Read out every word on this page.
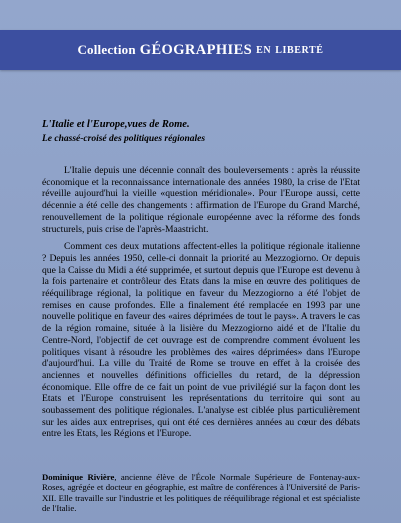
Collection GÉOGRAPHIES EN LIBERTÉ
L'Italie et l'Europe,vues de Rome.
Le chassé-croisé des politiques régionales

L'Italie depuis une décennie connaît des bouleversements : après la réussite économique et la reconnaissance internationale des années 1980, la crise de l'Etat réveille aujourd'hui la vieille «question méridionale». Pour l'Europe aussi, cette décennie a été celle des changements : affirmation de l'Europe du Grand Marché, renouvellement de la politique régionale européenne avec la réforme des fonds structurels, puis crise de l'après-Maastricht.

Comment ces deux mutations affectent-elles la politique régionale italienne ? Depuis les années 1950, celle-ci donnait la priorité au Mezzogiorno. Or depuis que la Caisse du Midi a été supprimée, et surtout depuis que l'Europe est devenu à la fois partenaire et contrôleur des Etats dans la mise en œuvre des politiques de rééquilibrage régional, la politique en faveur du Mezzogiorno a été l'objet de remises en cause profondes. Elle a finalement été remplacée en 1993 par une nouvelle politique en faveur des «aires déprimées de tout le pays». A travers le cas de la région romaine, située à la lisière du Mezzogiorno aidé et de l'Italie du Centre-Nord, l'objectif de cet ouvrage est de comprendre comment évoluent les politiques visant à résoudre les problèmes des «aires déprimées» dans l'Europe d'aujourd'hui. La ville du Traité de Rome se trouve en effet à la croisée des anciennes et nouvelles définitions officielles du retard, de la dépression économique. Elle offre de ce fait un point de vue privilégié sur la façon dont les Etats et l'Europe construisent les représentations du territoire qui sont au soubassement des politique régionales. L'analyse est ciblée plus particulièrement sur les aides aux entreprises, qui ont été ces dernières années au cœur des débats entre les Etats, les Régions et l'Europe.

Dominique Rivière, ancienne élève de l'École Normale Supérieure de Fontenay-aux-Roses, agrégée et docteur en géographie, est maître de conférences à l'Université de Paris-XII. Elle travaille sur l'industrie et les politiques de rééquilibrage régional et est spécialiste de l'Italie.
